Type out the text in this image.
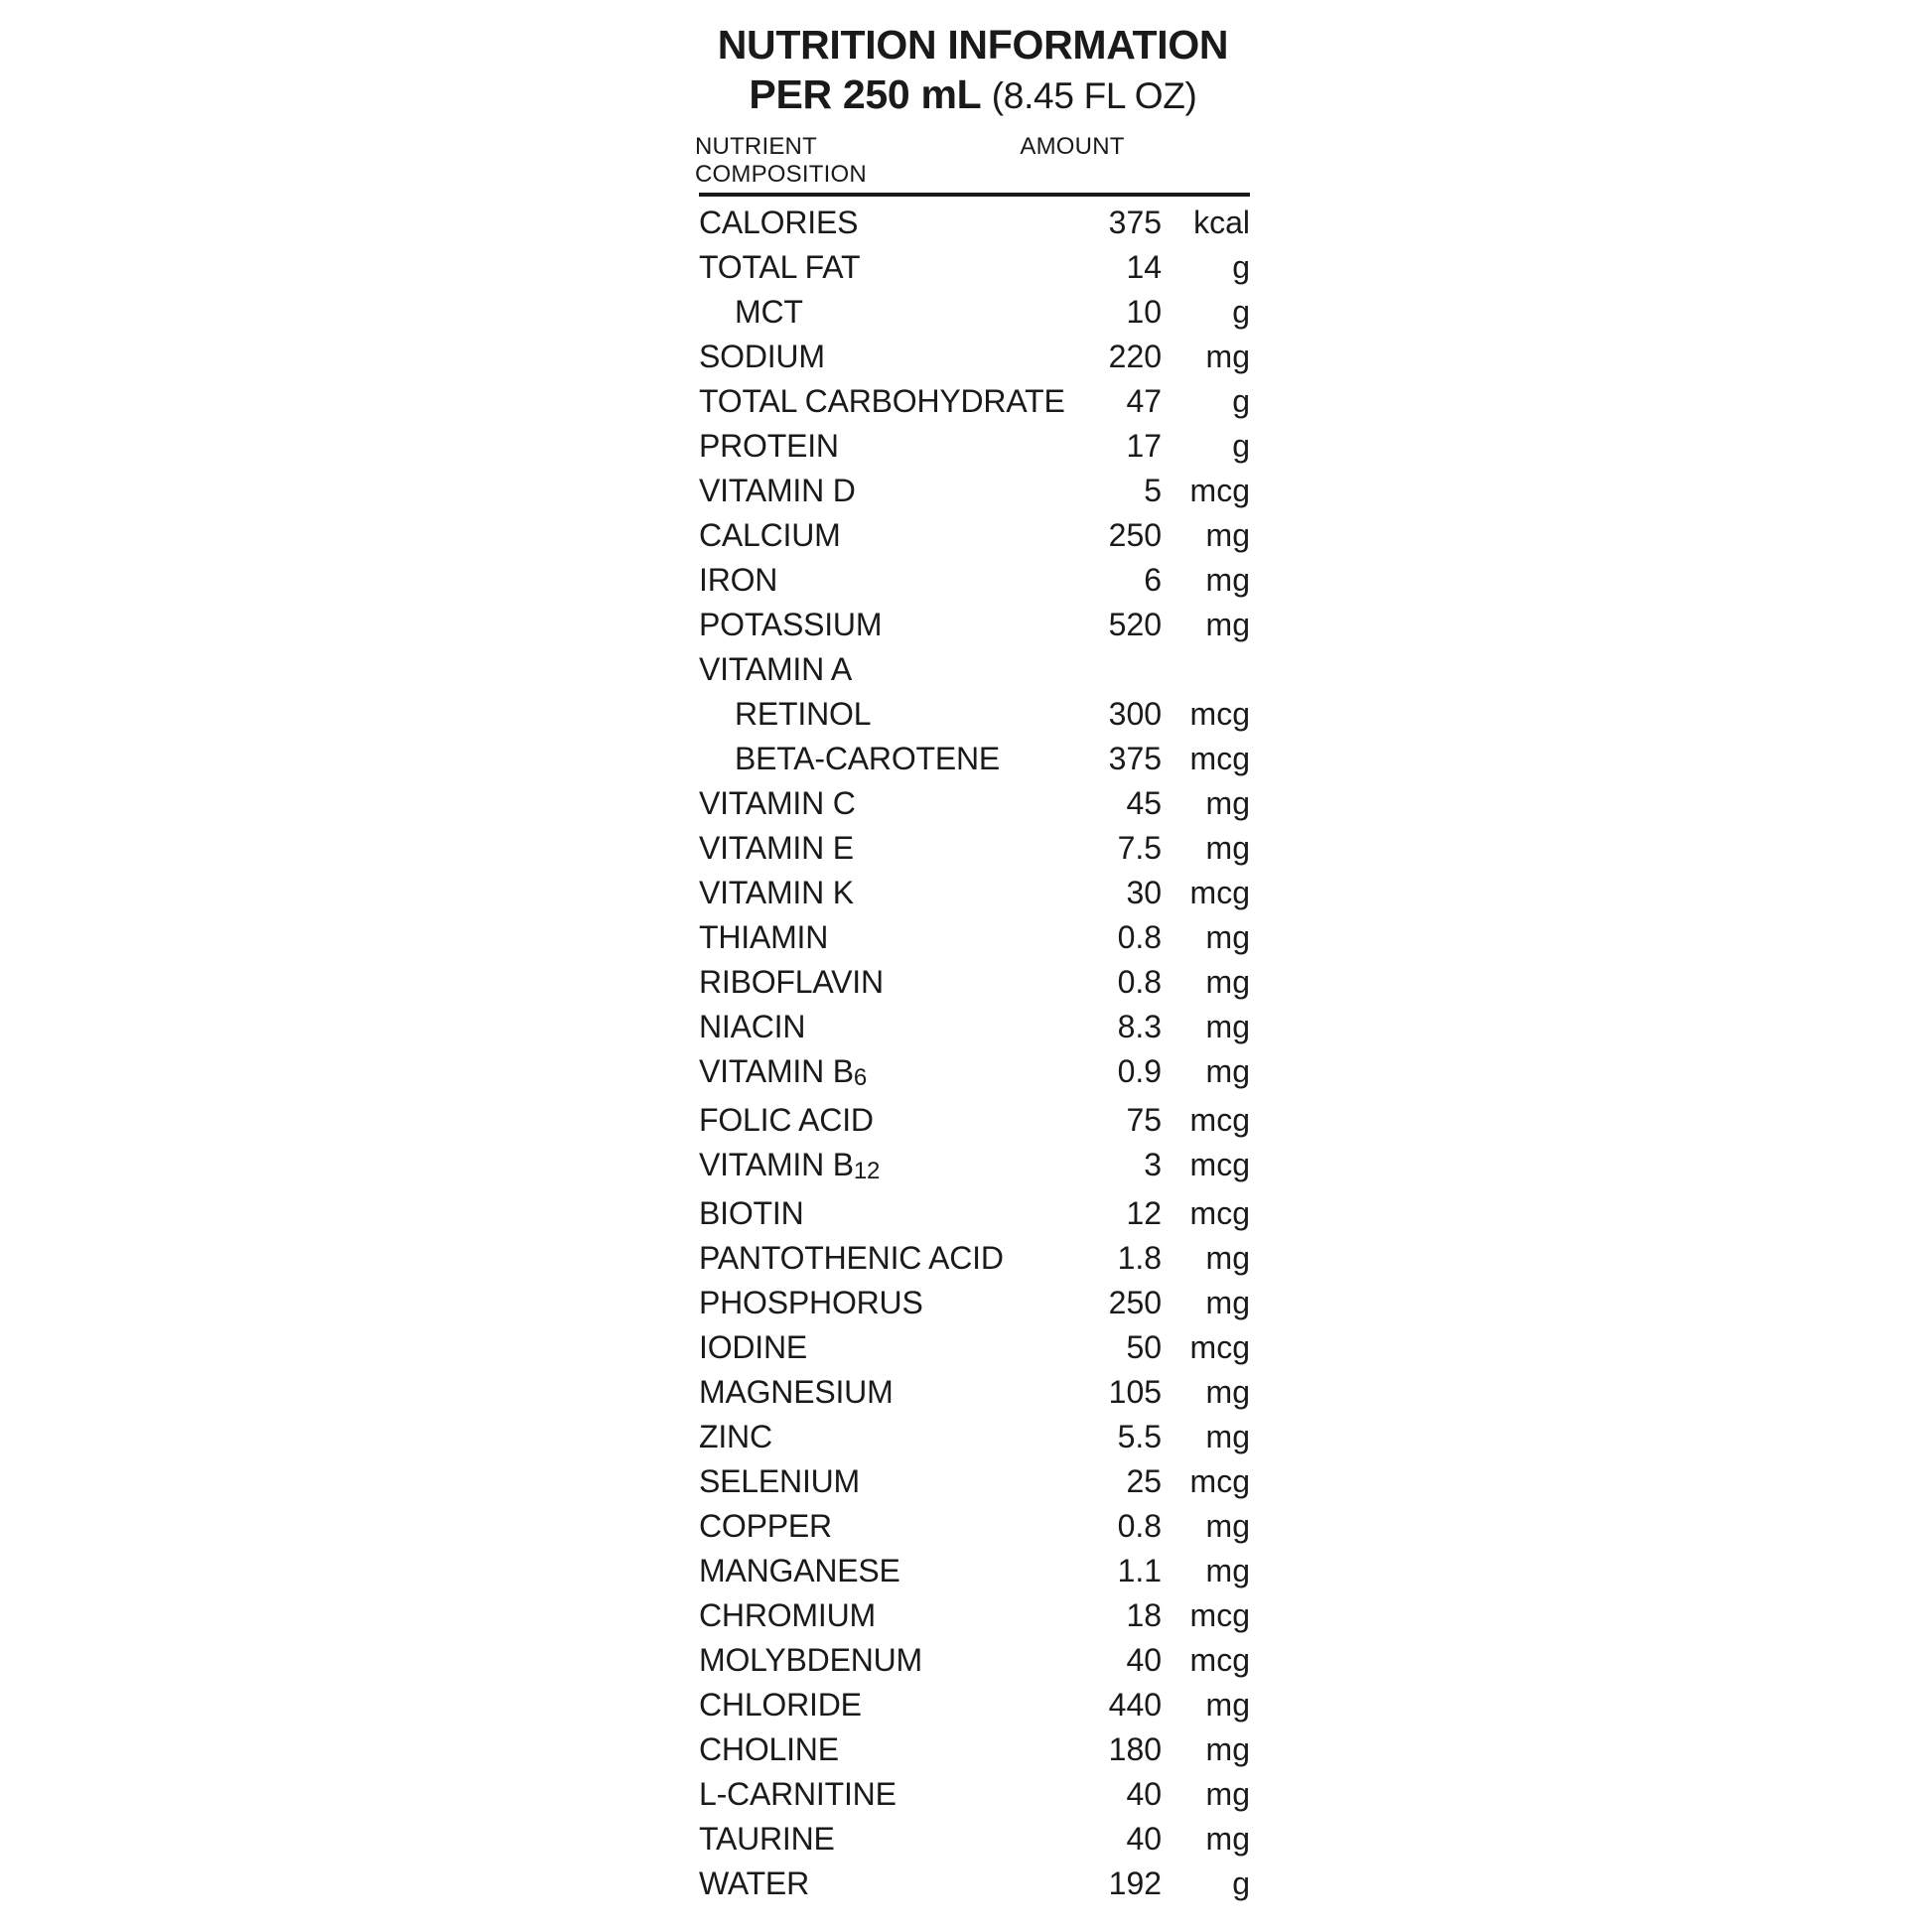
NUTRITION INFORMATION
PER 250 mL (8.45 FL OZ)
NUTRIENT COMPOSITION
AMOUNT
CALORIES	375	kcal
TOTAL FAT	14	g
MCT	10	g
SODIUM	220	mg
TOTAL CARBOHYDRATE	47	g
PROTEIN	17	g
VITAMIN D	5	mcg
CALCIUM	250	mg
IRON	6	mg
POTASSIUM	520	mg
VITAMIN A		
RETINOL	300	mcg
BETA-CAROTENE	375	mcg
VITAMIN C	45	mg
VITAMIN E	7.5	mg
VITAMIN K	30	mcg
THIAMIN	0.8	mg
RIBOFLAVIN	0.8	mg
NIACIN	8.3	mg
VITAMIN B6	0.9	mg
FOLIC ACID	75	mcg
VITAMIN B12	3	mcg
BIOTIN	12	mcg
PANTOTHENIC ACID	1.8	mg
PHOSPHORUS	250	mg
IODINE	50	mcg
MAGNESIUM	105	mg
ZINC	5.5	mg
SELENIUM	25	mcg
COPPER	0.8	mg
MANGANESE	1.1	mg
CHROMIUM	18	mcg
MOLYBDENUM	40	mcg
CHLORIDE	440	mg
CHOLINE	180	mg
L-CARNITINE	40	mg
TAURINE	40	mg
WATER	192	g
